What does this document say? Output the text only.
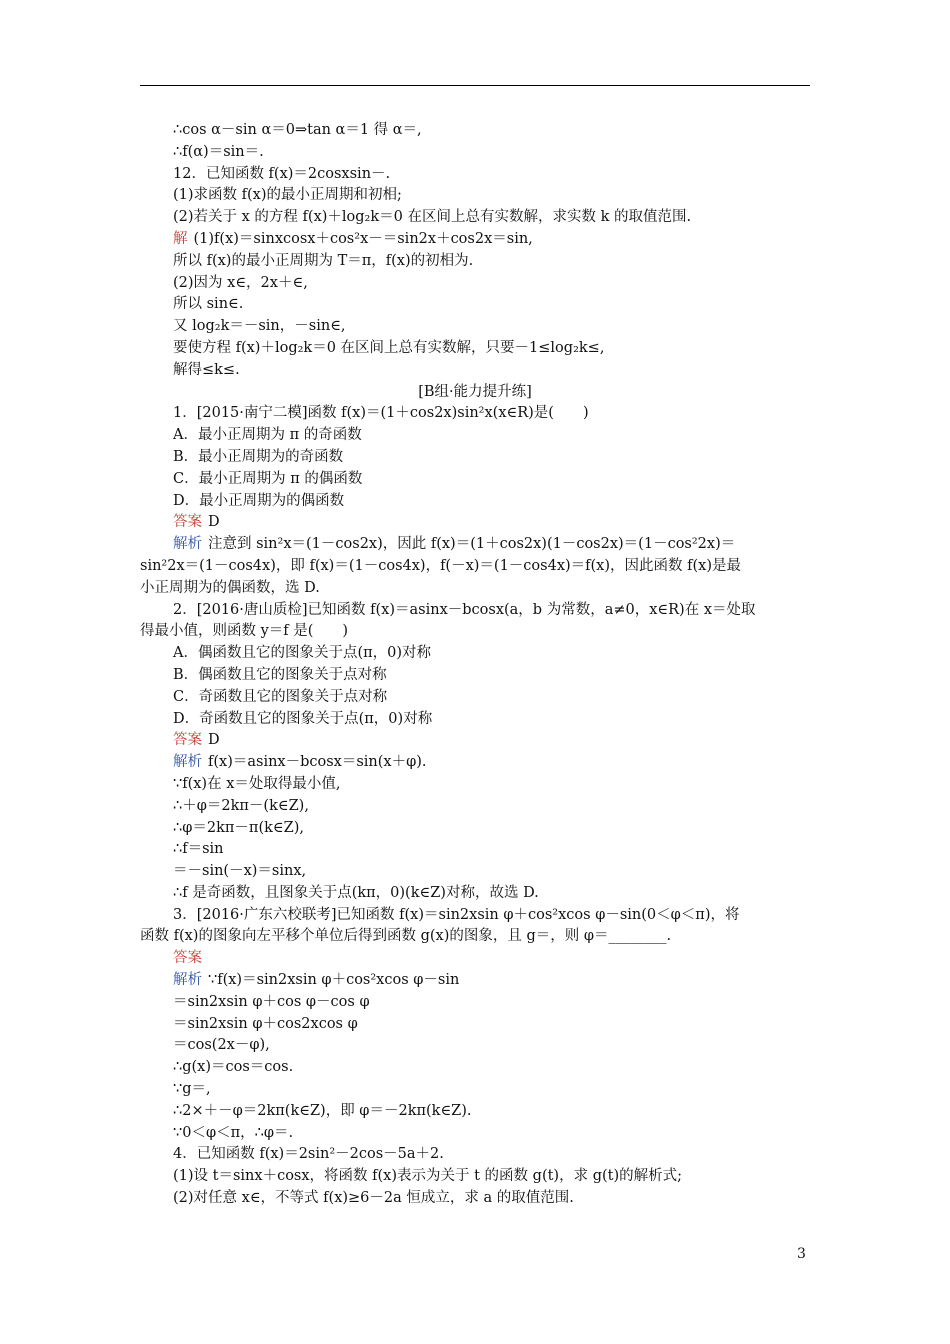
∴cos α－sin α＝0⇒tan α＝1 得 α＝,
∴f(α)＝sin＝.
12．已知函数 f(x)＝2cosxsin－.
(1)求函数 f(x)的最小正周期和初相;
(2)若关于 x 的方程 f(x)＋log₂k＝0 在区间上总有实数解，求实数 k 的取值范围.
解 (1)f(x)＝sinxcosx＋cos²x－＝sin2x＋cos2x＝sin,
所以 f(x)的最小正周期为 T＝π，f(x)的初相为.
(2)因为 x∈，2x＋∈,
所以 sin∈.
又 log₂k＝－sin，－sin∈,
要使方程 f(x)＋log₂k＝0 在区间上总有实数解，只要－1≤log₂k≤,
解得≤k≤.
[B组·能力提升练]
1．[2015·南宁二模]函数 f(x)＝(1＋cos2x)sin²x(x∈R)是(　　)
A．最小正周期为 π 的奇函数
B．最小正周期为的奇函数
C．最小正周期为 π 的偶函数
D．最小正周期为的偶函数
答案 D
解析 注意到 sin²x＝(1－cos2x)，因此 f(x)＝(1＋cos2x)(1－cos2x)＝(1－cos²2x)＝
sin²2x＝(1－cos4x)，即 f(x)＝(1－cos4x)，f(－x)＝(1－cos4x)＝f(x)，因此函数 f(x)是最
小正周期为的偶函数，选 D.
2．[2016·唐山质检]已知函数 f(x)＝asinx－bcosx(a，b 为常数，a≠0，x∈R)在 x＝处取
得最小值，则函数 y＝f 是(　　)
A．偶函数且它的图象关于点(π，0)对称
B．偶函数且它的图象关于点对称
C．奇函数且它的图象关于点对称
D．奇函数且它的图象关于点(π，0)对称
答案 D
解析 f(x)＝asinx－bcosx＝sin(x＋φ).
∵f(x)在 x＝处取得最小值,
∴＋φ＝2kπ－(k∈Z),
∴φ＝2kπ－π(k∈Z),
∴f＝sin
＝－sin(－x)＝sinx,
∴f 是奇函数，且图象关于点(kπ，0)(k∈Z)对称，故选 D.
3．[2016·广东六校联考]已知函数 f(x)＝sin2xsin φ＋cos²xcos φ－sin(0＜φ＜π)，将
函数 f(x)的图象向左平移个单位后得到函数 g(x)的图象，且 g＝，则 φ＝________.
答案
解析 ∵f(x)＝sin2xsin φ＋cos²xcos φ－sin
＝sin2xsin φ＋cos φ－cos φ
＝sin2xsin φ＋cos2xcos φ
＝cos(2x－φ),
∴g(x)＝cos＝cos.
∵g＝,
∴2×＋－φ＝2kπ(k∈Z)，即 φ＝－2kπ(k∈Z).
∵0＜φ＜π，∴φ＝.
4．已知函数 f(x)＝2sin²－2cos－5a＋2.
(1)设 t＝sinx＋cosx，将函数 f(x)表示为关于 t 的函数 g(t)，求 g(t)的解析式;
(2)对任意 x∈，不等式 f(x)≥6－2a 恒成立，求 a 的取值范围.
3
